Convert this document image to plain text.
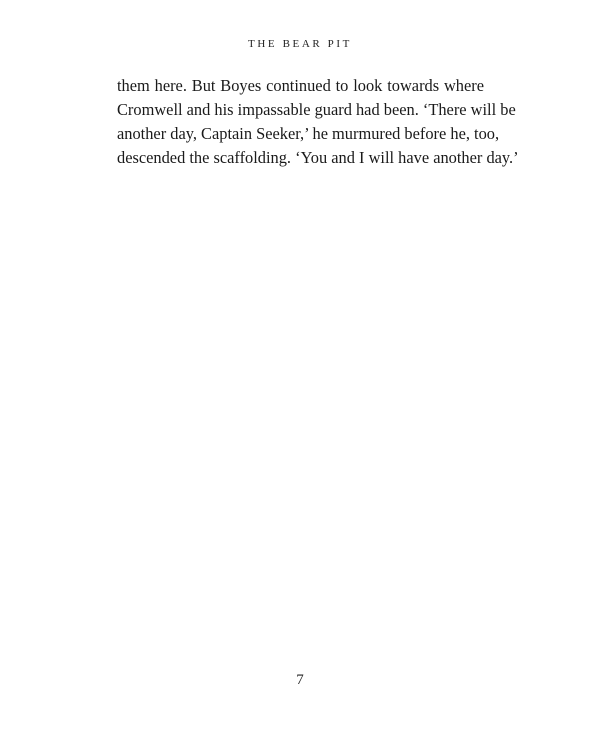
THE BEAR PIT
them here. But Boyes continued to look towards where
Cromwell and his impassable guard had been. ‘There will be
another day, Captain Seeker,’ he murmured before he, too,
descended the scaffolding. ‘You and I will have another day.’
7
